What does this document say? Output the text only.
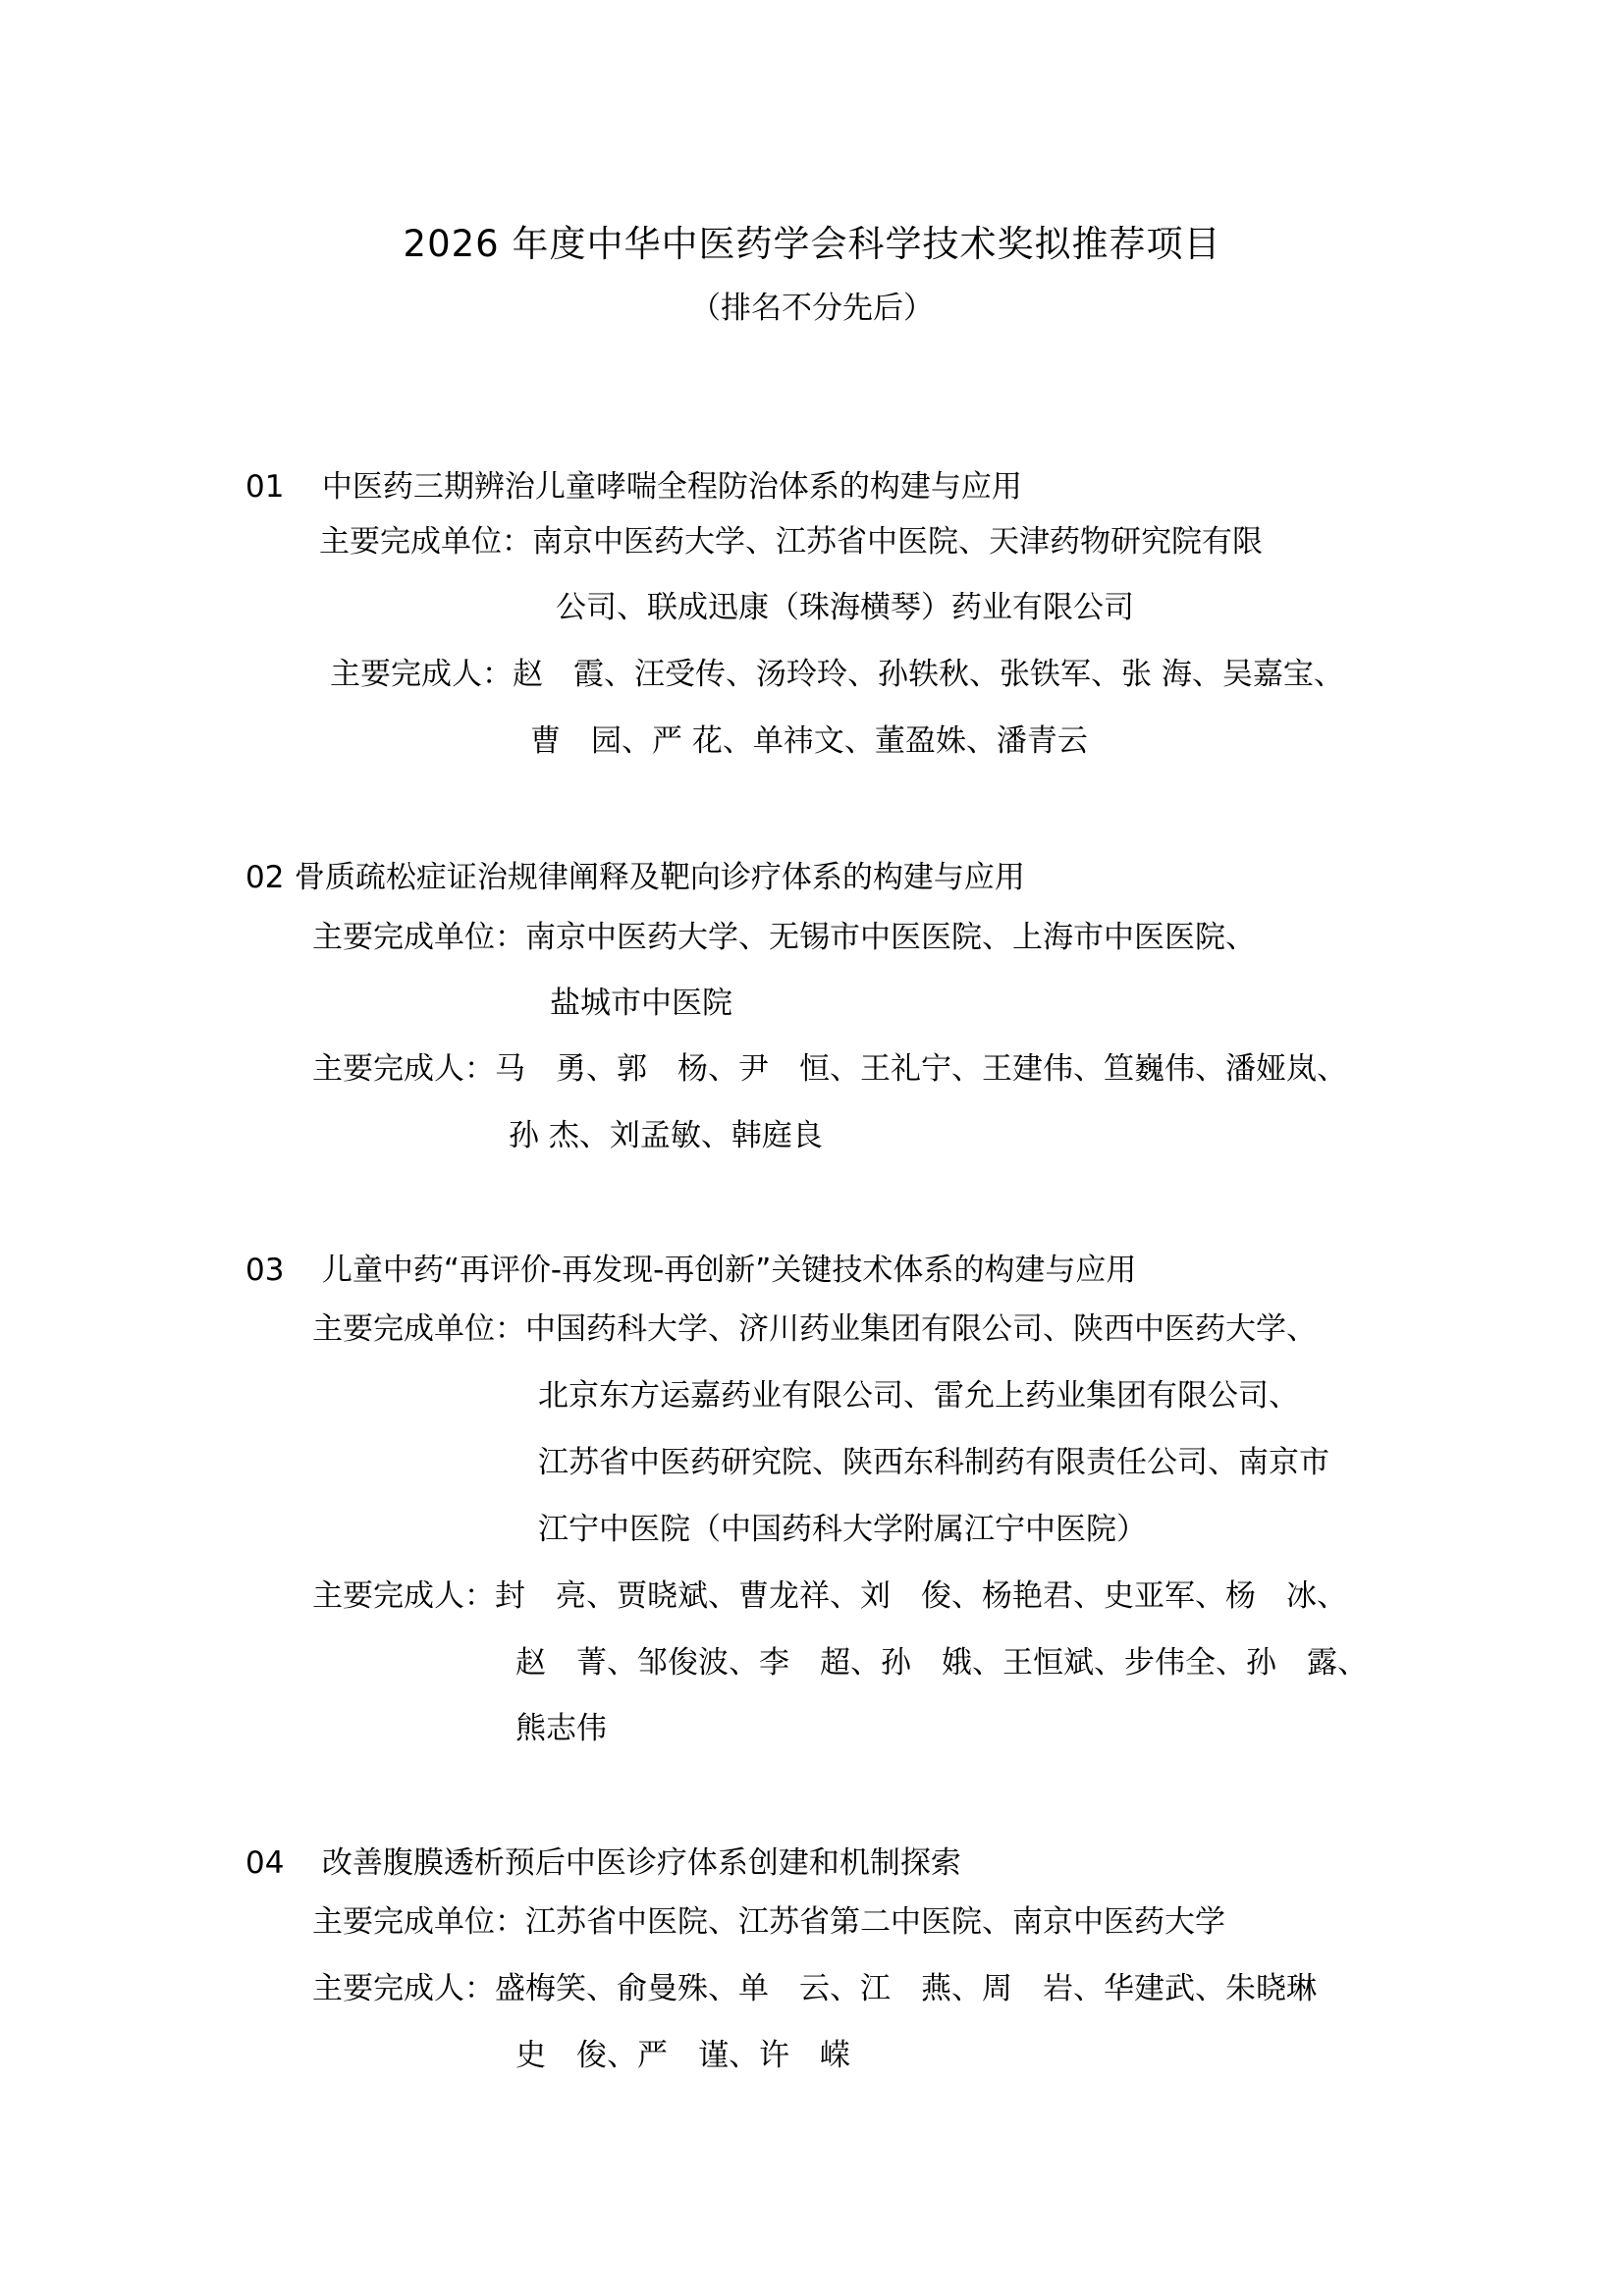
2026 年度中华中医药学会科学技术奖拟推荐项目
（排名不分先后）
01 中医药三期辨治儿童哮喘全程防治体系的构建与应用
主要完成单位：南京中医药大学、江苏省中医院、天津药物研究院有限
公司、联成迅康（珠海横琴）药业有限公司
主要完成人：赵　霞、汪受传、汤玲玲、孙轶秋、张铁军、张 海、吴嘉宝、
曹　园、严 花、单祎文、董盈姝、潘青云
02 骨质疏松症证治规律阐释及靶向诊疗体系的构建与应用
主要完成单位：南京中医药大学、无锡市中医医院、上海市中医医院、
盐城市中医院
主要完成人：马　勇、郭　杨、尹　恒、王礼宁、王建伟、笪巍伟、潘娅岚、
孙 杰、刘孟敏、韩庭良
03 儿童中药“再评价-再发现-再创新”关键技术体系的构建与应用
主要完成单位：中国药科大学、济川药业集团有限公司、陕西中医药大学、
北京东方运嘉药业有限公司、雷允上药业集团有限公司、
江苏省中医药研究院、陕西东科制药有限责任公司、南京市
江宁中医院（中国药科大学附属江宁中医院）
主要完成人：封　亮、贾晓斌、曹龙祥、刘　俊、杨艳君、史亚军、杨　冰、
赵　菁、邹俊波、李　超、孙　娥、王恒斌、步伟全、孙　露、
熊志伟
04 改善腹膜透析预后中医诊疗体系创建和机制探索
主要完成单位：江苏省中医院、江苏省第二中医院、南京中医药大学
主要完成人：盛梅笑、俞曼殊、单　云、江　燕、周　岩、华建武、朱晓琳
史　俊、严　谨、许　嵘
